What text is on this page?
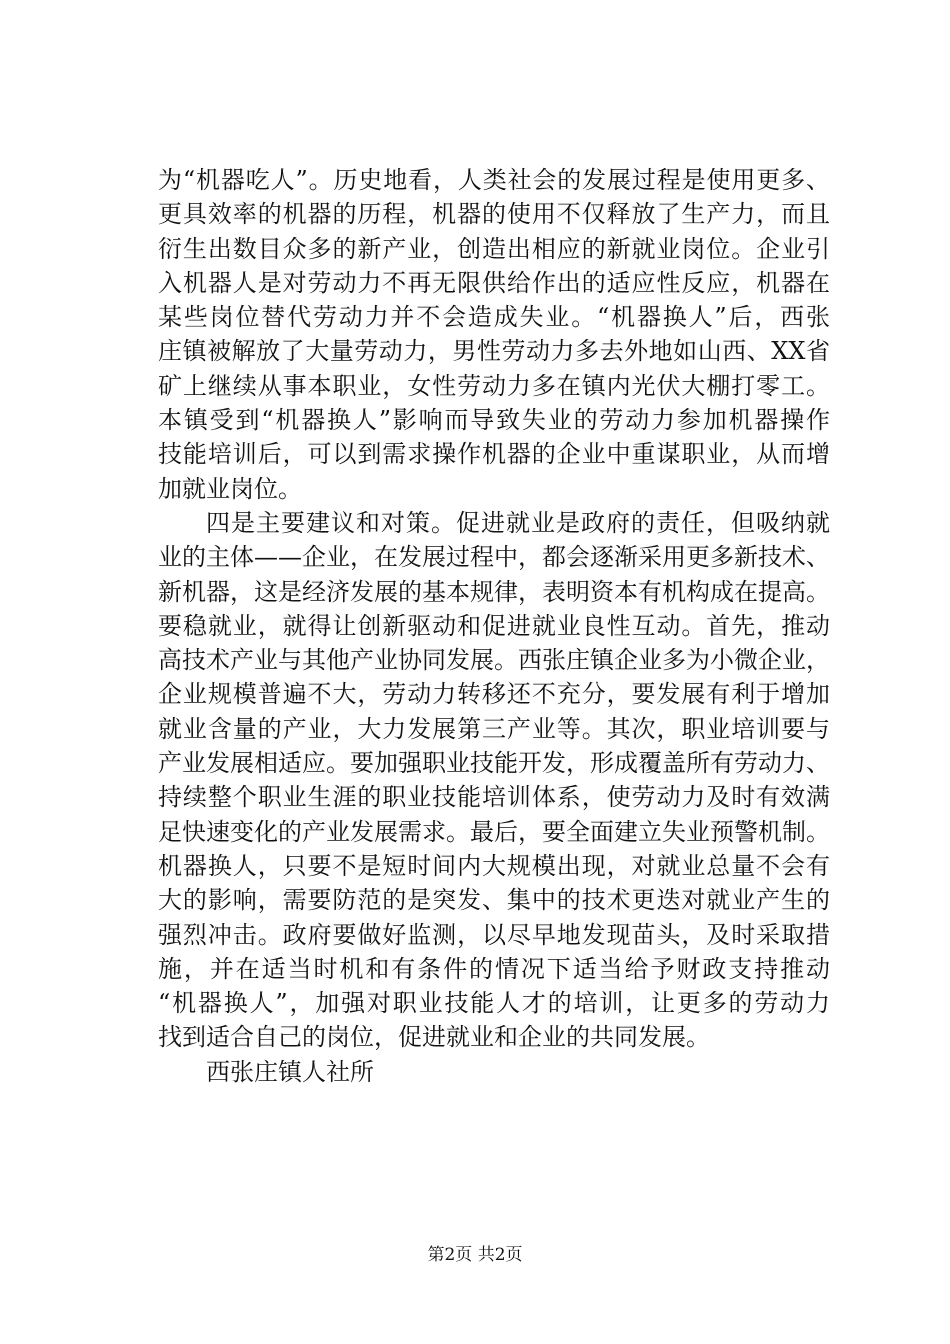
为“机器吃人”。历史地看，人类社会的发展过程是使用更多、
更具效率的机器的历程，机器的使用不仅释放了生产力，而且
衍生出数目众多的新产业，创造出相应的新就业岗位。企业引
入机器人是对劳动力不再无限供给作出的适应性反应，机器在
某些岗位替代劳动力并不会造成失业。“机器换人”后，西张
庄镇被解放了大量劳动力，男性劳动力多去外地如山西、XX省
矿上继续从事本职业，女性劳动力多在镇内光伏大棚打零工。
本镇受到“机器换人”影响而导致失业的劳动力参加机器操作
技能培训后，可以到需求操作机器的企业中重谋职业，从而增
加就业岗位。
四是主要建议和对策。促进就业是政府的责任，但吸纳就
业的主体——企业，在发展过程中，都会逐渐采用更多新技术、
新机器，这是经济发展的基本规律，表明资本有机构成在提高。
要稳就业，就得让创新驱动和促进就业良性互动。首先，推动
高技术产业与其他产业协同发展。西张庄镇企业多为小微企业，
企业规模普遍不大，劳动力转移还不充分，要发展有利于增加
就业含量的产业，大力发展第三产业等。其次，职业培训要与
产业发展相适应。要加强职业技能开发，形成覆盖所有劳动力、
持续整个职业生涯的职业技能培训体系，使劳动力及时有效满
足快速变化的产业发展需求。最后，要全面建立失业预警机制。
机器换人，只要不是短时间内大规模出现，对就业总量不会有
大的影响，需要防范的是突发、集中的技术更迭对就业产生的
强烈冲击。政府要做好监测，以尽早地发现苗头，及时采取措
施，并在适当时机和有条件的情况下适当给予财政支持推动
“机器换人”，加强对职业技能人才的培训，让更多的劳动力
找到适合自己的岗位，促进就业和企业的共同发展。
西张庄镇人社所
第2页 共2页
